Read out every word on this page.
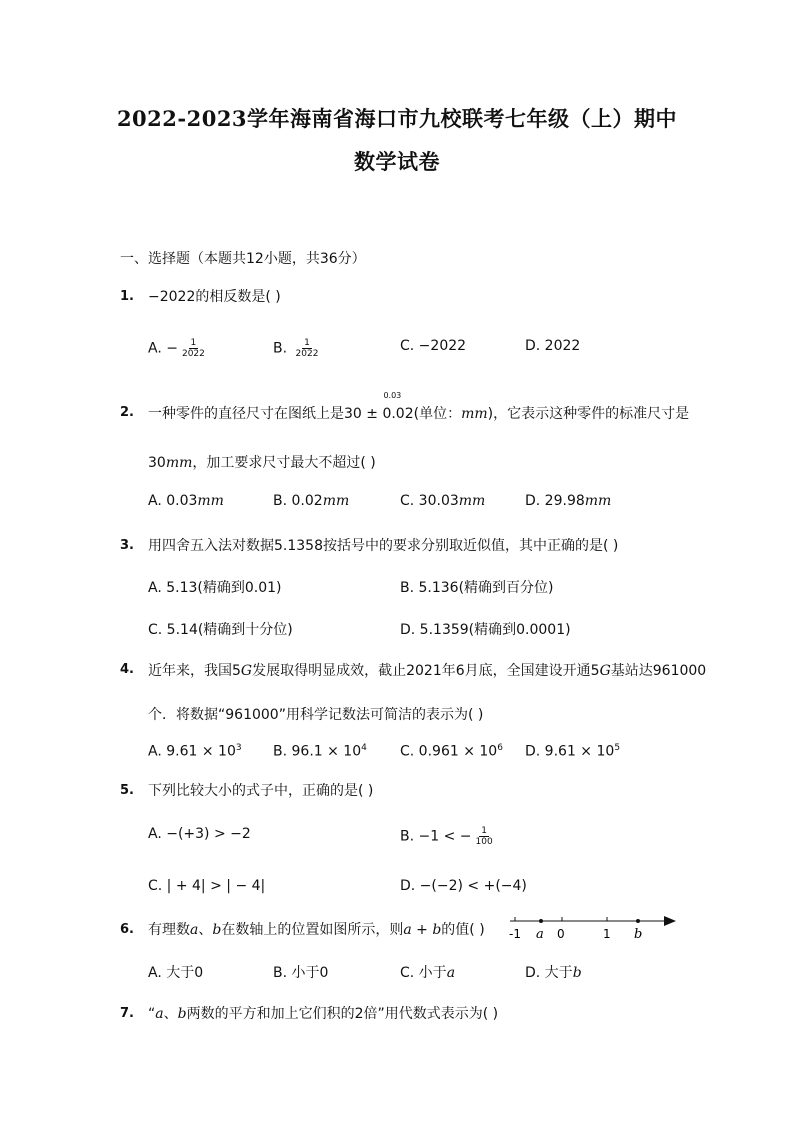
2022-2023学年海南省海口市九校联考七年级（上）期中
数学试卷
一、选择题（本题共12小题，共36分）
1. −2022的相反数是( )
A. − $\frac{1}{2022}$	B. $\frac{1}{2022}$	C. −2022	D. 2022
2. 一种零件的直径尺寸在图纸上是30 ±
0.03
0.02(单位：mm)，它表示这种零件的标准尺寸是
30mm，加工要求尺寸最大不超过( )
A. 0.03mm	B. 0.02mm	C. 30.03mm	D. 29.98mm
3. 用四舍五入法对数据5.1358按括号中的要求分别取近似值，其中正确的是( )
A. 5.13(精确到0.01)	B. 5.136(精确到百分位)
C. 5.14(精确到十分位)	D. 5.1359(精确到0.0001)
4. 近年来，我国5G发展取得明显成效，截止2021年6月底，全国建设开通5G基站达961000
个．将数据“961000”用科学记数法可简洁的表示为( )
A. $9.61 \times 10^3$ B. $96.1 \times 10^4$ C. $0.961 \times 10^6$ D. $9.61 \times 10^5$
5. 下列比较大小的式子中，正确的是( )
A. −(+3) > −2	B. −1 < − $\frac{1}{100}$
C. | + 4| > | − 4|	D. −(−2) < +(−4)
6. 有理数a、b在数轴上的位置如图所示，则a + b的值( ) -1 a 0	1 b
A. 大于0	B. 小于0	C. 小于a	D. 大于b
7. “a、b两数的平方和加上它们积的2倍”用代数式表示为( )
